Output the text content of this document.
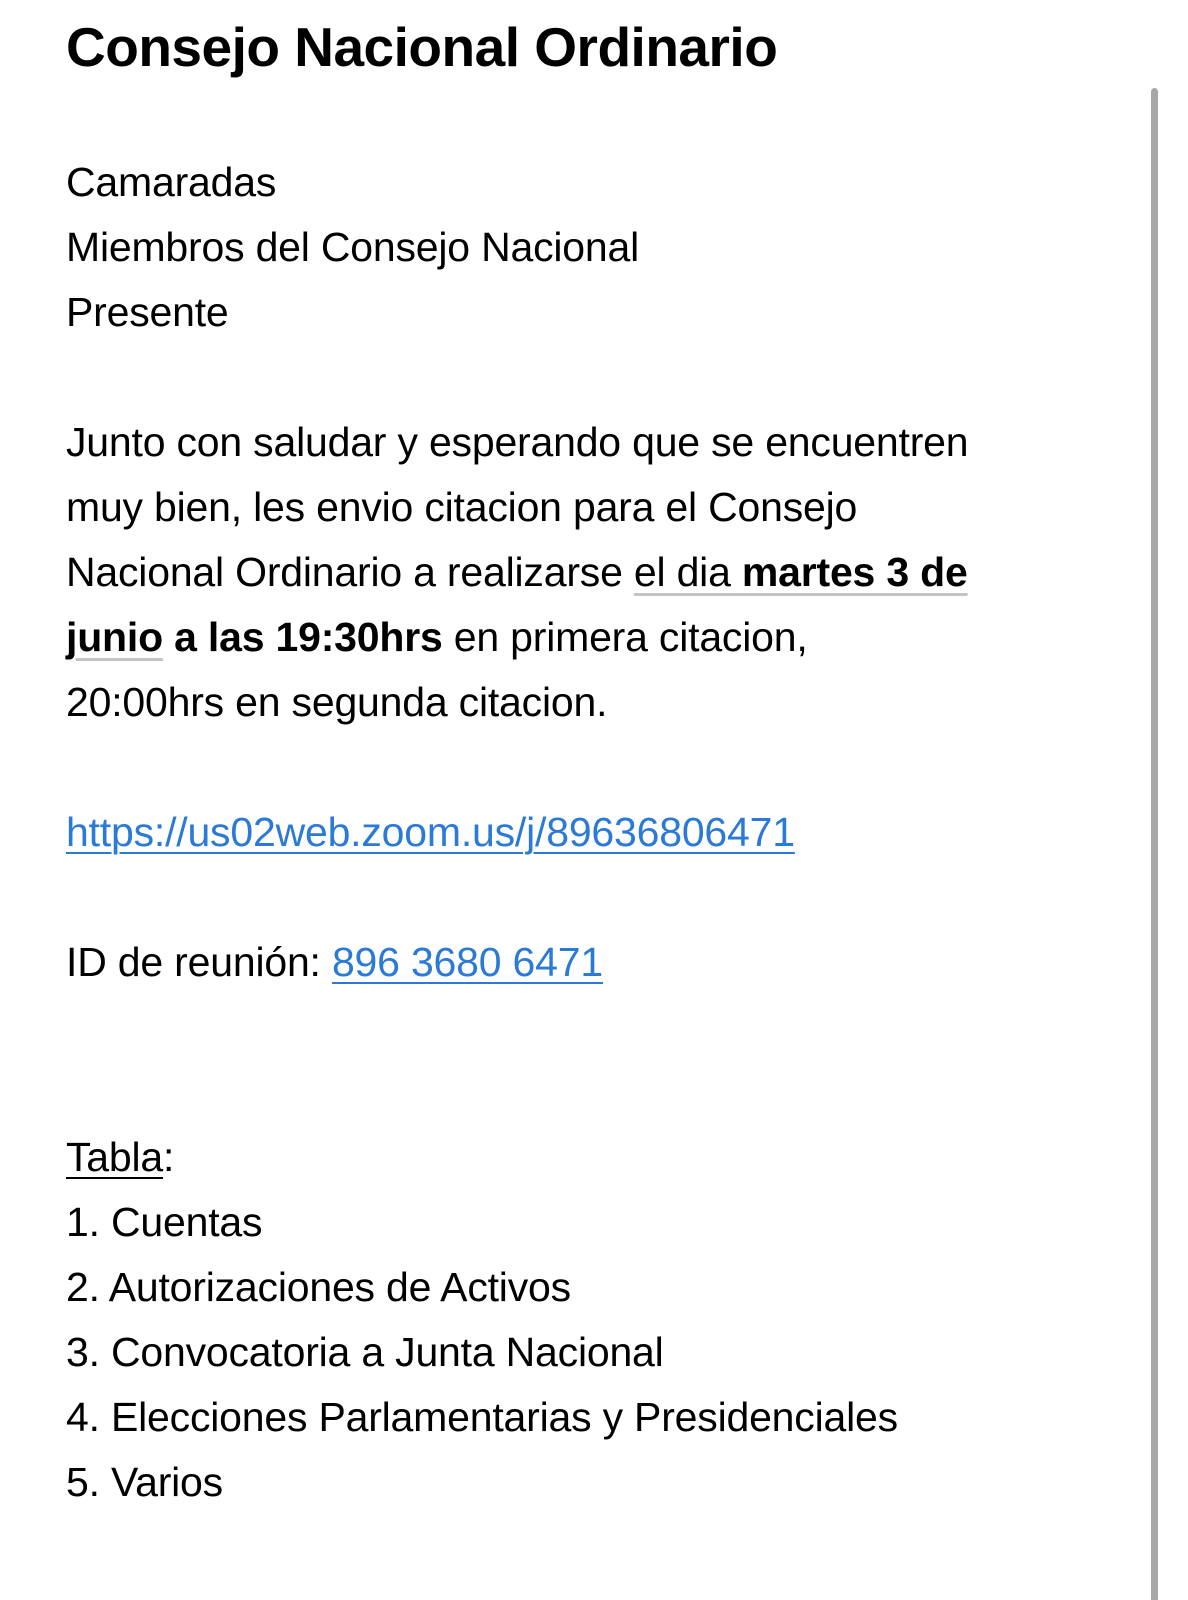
Consejo Nacional Ordinario

Camaradas

Miembros del Consejo Nacional

Presente

Junto con saludar y esperando que se encuentren

muy bien, les envio citacion para el Consejo

Nacional Ordinario a realizarse el dia martes 3 de

junio a las 19:30hrs en primera citacion,

20:00hrs en segunda citacion.

https://us02web.zoom.us/j/89636806471

ID de reunión: 896 3680 6471

Tabla:

1. Cuentas

2. Autorizaciones de Activos

3. Convocatoria a Junta Nacional

4. Elecciones Parlamentarias y Presidenciales

5. Varios
